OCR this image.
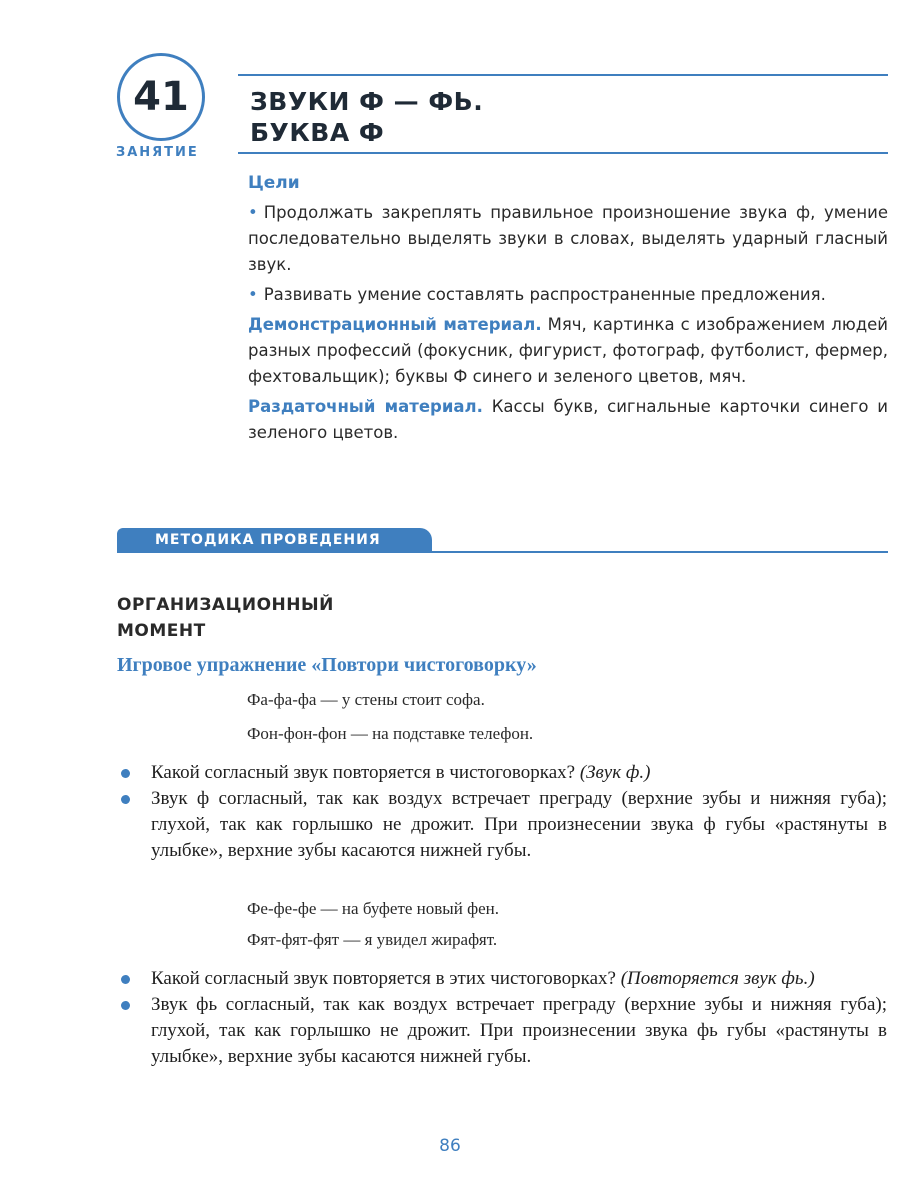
41
ЗАНЯТИЕ
ЗВУКИ Ф — ФЬ.
БУКВА Ф

Цели

• Продолжать закреплять правильное произношение звука ф, умение последовательно выделять звуки в словах, выделять ударный гласный звук.

• Развивать умение составлять распространенные предложения.

Демонстрационный материал. Мяч, картинка с изображением людей разных профессий (фокусник, фигурист, фотограф, футболист, фермер, фехтовальщик); буквы Ф синего и зеленого цветов, мяч.

Раздаточный материал. Кассы букв, сигнальные карточки синего и зеленого цветов.

МЕТОДИКА ПРОВЕДЕНИЯ
ОРГАНИЗАЦИОННЫЙ
МОМЕНТ
Игровое упражнение «Повтори чистоговорку»
Фа-фа-фа — у стены стоит софа.
Фон-фон-фон — на подставке телефон.
Какой согласный звук повторяется в чистоговорках? (Звук ф.)
Звук ф согласный, так как воздух встречает преграду (верхние зубы и нижняя губа); глухой, так как горлышко не дрожит. При произнесении звука ф губы «растянуты в улыбке», верхние зубы касаются нижней губы.
Фе-фе-фе — на буфете новый фен.
Фят-фят-фят — я увидел жирафят.
Какой согласный звук повторяется в этих чистоговорках? (Повторяется звук фь.)
Звук фь согласный, так как воздух встречает преграду (верхние зубы и нижняя губа); глухой, так как горлышко не дрожит. При произнесении звука фь губы «растянуты в улыбке», верхние зубы касаются нижней губы.
86
